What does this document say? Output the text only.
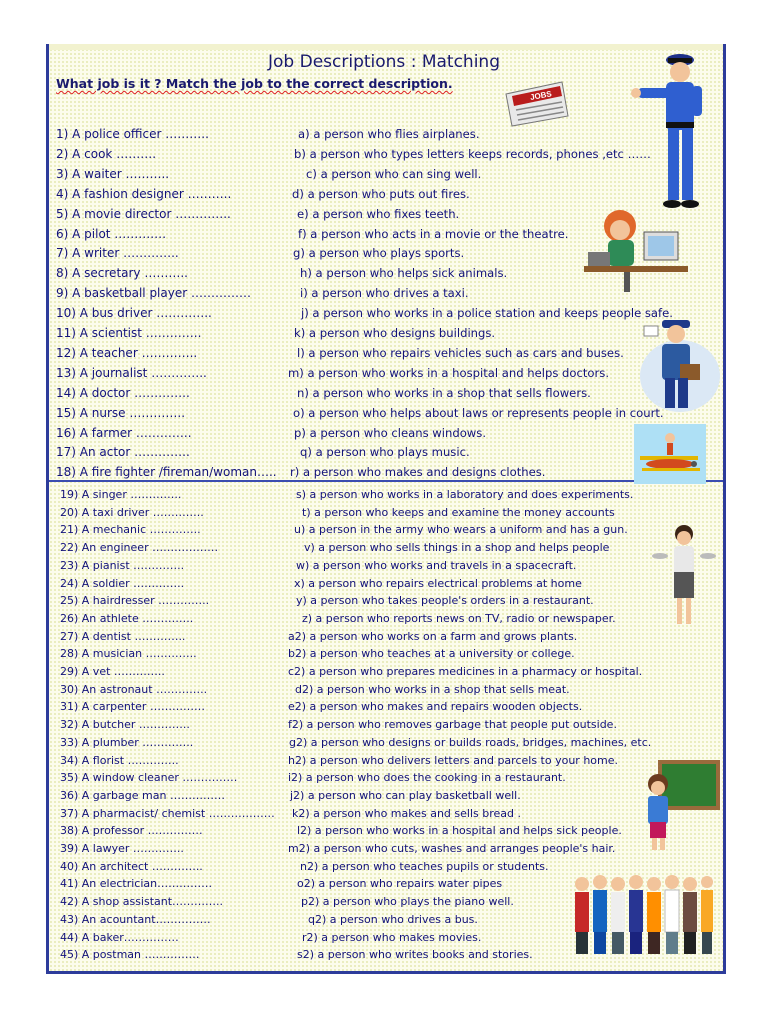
Job Descriptions : Matching
What job is it ? Match the job to the correct description.
JOBS
1) A police officer ………..
2) A cook ……….
3) A waiter ………..
4) A fashion designer ………..
5) A movie director …………..
6) A pilot ……….…
7) A writer …………..
8) A secretary ………..
9) A basketball player ……………
10) A bus driver …………..
11) A scientist …………..
12) A teacher …………..
13) A journalist …………..
14) A doctor …………..
15) A nurse …………..
16) A farmer …………..
17) An actor …………..
18) A fire fighter /fireman/woman…..
19) A singer …………..
20) A taxi driver …………..
21) A mechanic …………..
22) An engineer ………………
23) A pianist …………..
24) A soldier …………..
25) A hairdresser …………..
26) An athlete …………..
27) A dentist …………..
28) A musician …………..
29) A vet …………..
30) An astronaut …………..
31) A carpenter ……………
32) A butcher …………..
33) A plumber …………..
34) A florist …………..
35) A window cleaner ……………
36) A garbage man ……………
37) A pharmacist/ chemist ………………
38) A professor ……………
39) A lawyer …………..
40) An architect …………..
41) An electrician……………
42) A shop assistant…………..
43) An acountant……………
44) A baker……………
45) A postman ……………
a) a person who flies airplanes.
b) a person who types letters keeps records, phones ,etc ……
c) a person who can sing well.
d) a person who puts out fires.
e) a person who fixes teeth.
f) a person who acts in a movie or the theatre.
g) a person who plays sports.
h) a person who helps sick animals.
i) a person who drives a taxi.
j) a person who works in a police station and keeps people safe.
k) a person who designs buildings.
l) a person who repairs vehicles such as cars and buses.
m) a person who works in a hospital and helps doctors.
n) a person who works in a shop that sells flowers.
o) a person who helps about laws or represents people in court.
p) a person who cleans windows.
q) a person who plays music.
r) a person who makes and designs clothes.
s) a person who works in a laboratory and does experiments.
t) a person who keeps and examine the money accounts
u) a person in the army who wears a uniform and has a gun.
v) a person who sells things in a shop and helps people
w) a person who works and travels in a spacecraft.
x) a person who repairs electrical problems at home
y) a person who takes people's orders in a restaurant.
z) a person who reports news on TV, radio or newspaper.
a2) a person who works on a farm and grows plants.
b2) a person who teaches at a university or college.
c2) a person who prepares medicines in a pharmacy or hospital.
d2) a person who works in a shop that sells meat.
e2) a person who makes and repairs wooden objects.
f2) a person who removes garbage that people put outside.
g2) a person who designs or builds roads, bridges, machines, etc.
h2) a person who delivers letters and parcels to your home.
i2) a person who does the cooking in a restaurant.
j2) a person who can play basketball well.
k2) a person who makes and sells bread .
l2) a person who works in a hospital and helps sick people.
m2) a person who cuts, washes and arranges people's hair.
n2) a person who teaches pupils or students.
o2) a person who repairs water pipes
p2) a person who plays the piano well.
q2) a person who drives a bus.
r2) a person who makes movies.
s2) a person who writes books and stories.
